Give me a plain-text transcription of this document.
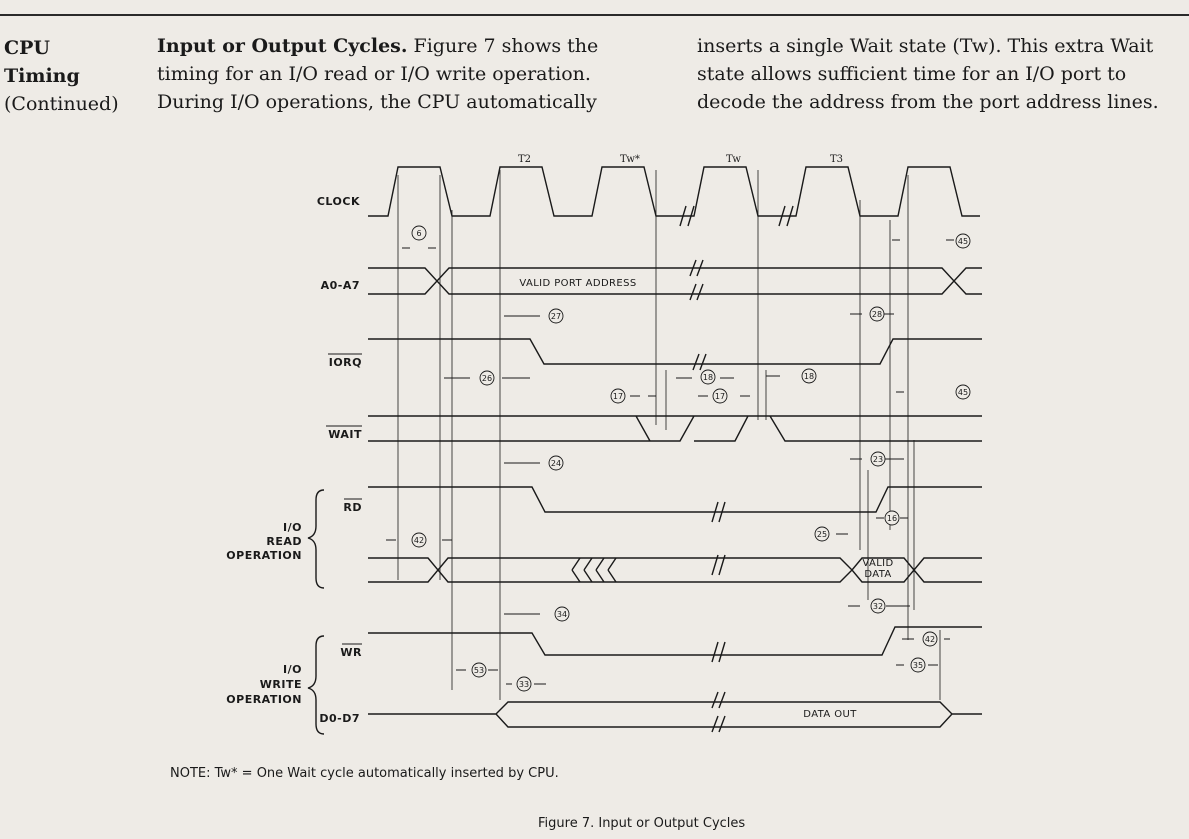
CPU
Timing
(Continued)
Input or Output Cycles. Figure 7 shows the
timing for an I/O read or I/O write operation.
During I/O operations, the CPU automatically
inserts a single Wait state (Tw). This extra Wait
state allows sufficient time for an I/O port to
decode the address from the port address lines.
6
45
27	28
26
17
18
17
18
45
24	23
16
25
42
32
34
42
53
35
33
T2	Tw*	Tw	T3
CLOCK
A0-A7
IORQ
WAIT
RD
WR
D0-D7
I/O
READ
OPERATION
I/O
WRITE
OPERATION
VALID PORT ADDRESS
VALID
DATA
DATA OUT
NOTE: Tw* = One Wait cycle automatically inserted by CPU.
Figure 7. Input or Output Cycles
